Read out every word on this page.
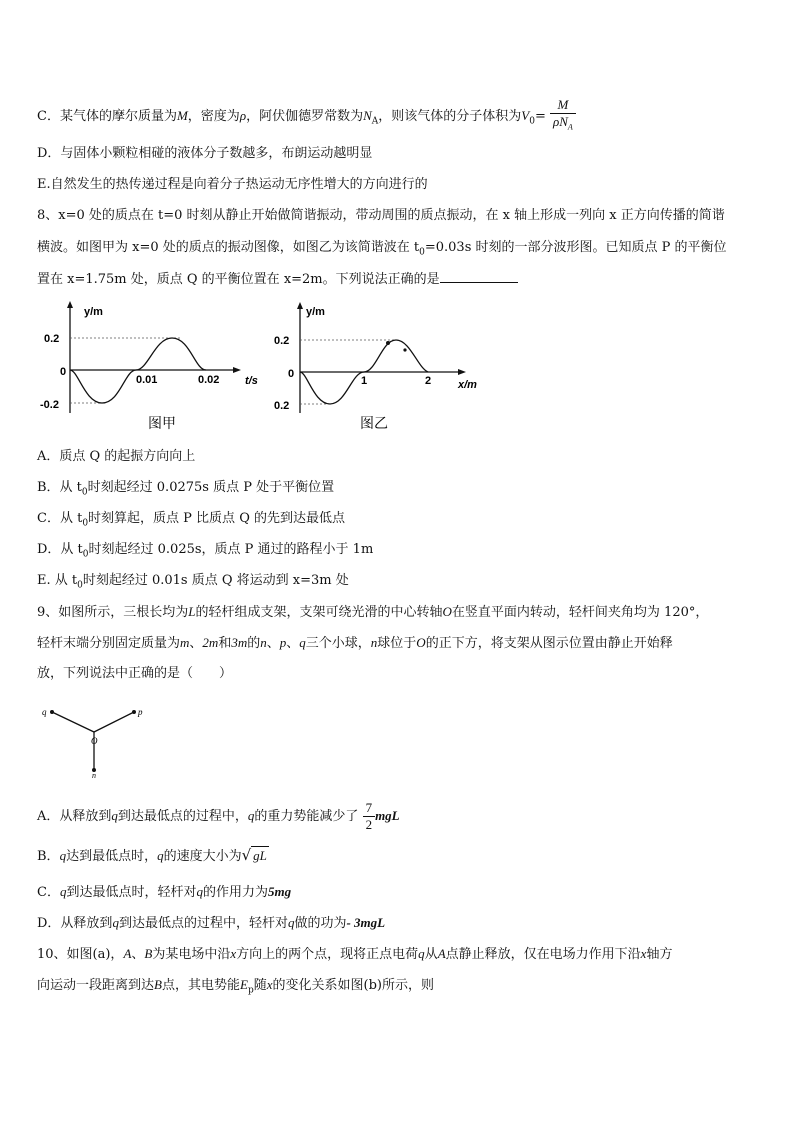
C．某气体的摩尔质量为M，密度为ρ，阿伏伽德罗常数为$N_A$，则该气体的分子体积为$V_0= \frac{M}{\rho N_A}$
D．与固体小颗粒相碰的液体分子数越多，布朗运动越明显
E.自然发生的热传递过程是向着分子热运动无序性增大的方向进行的
8、x=0 处的质点在 t=0 时刻从静止开始做简谐振动，带动周围的质点振动，在 x 轴上形成一列向 x 正方向传播的简谐
横波。如图甲为 x=0 处的质点的振动图像，如图乙为该简谐波在 $t_0=0.03s$ 时刻的一部分波形图。已知质点 P 的平衡位
置在 x=1.75m 处，质点 Q 的平衡位置在 x=2m。下列说法正确的是
y/m
0.2
0
-0.2
0.01	0.02 t/s
图甲
y/m
0.2
0
0.2
1	2 x/m
图乙
A．质点 Q 的起振方向向上
B．从 $t_0$时刻起经过 0.0275s 质点 P 处于平衡位置
C．从 $t_0$时刻算起，质点 P 比质点 Q 的先到达最低点
D．从 $t_0$时刻起经过 0.025s，质点 P 通过的路程小于 1m
E. 从 $t_0$时刻起经过 0.01s 质点 Q 将运动到 x=3m 处
9、如图所示，三根长均为L的轻杆组成支架，支架可绕光滑的中心转轴O在竖直平面内转动，轻杆间夹角均为 120°，
轻杆末端分别固定质量为m、2m和3m的n、p、q三个小球，n球位于O的正下方，将支架从图示位置由静止开始释
放，下列说法中正确的是（　　）
q	p
O
n
A．从释放到q到达最低点的过程中，q的重力势能减少了 $\frac{7}{2}$ mgL
B．q达到最低点时，q的速度大小为√ gL
C．q到达最低点时，轻杆对q的作用力为5mg
D．从释放到q到达最低点的过程中，轻杆对q做的功为- 3mgL
10、如图(a)，A、B为某电场中沿x方向上的两个点，现将正点电荷q从A点静止释放，仅在电场力作用下沿x轴方
向运动一段距离到达B点，其电势能$E_p$随x的变化关系如图(b)所示，则
